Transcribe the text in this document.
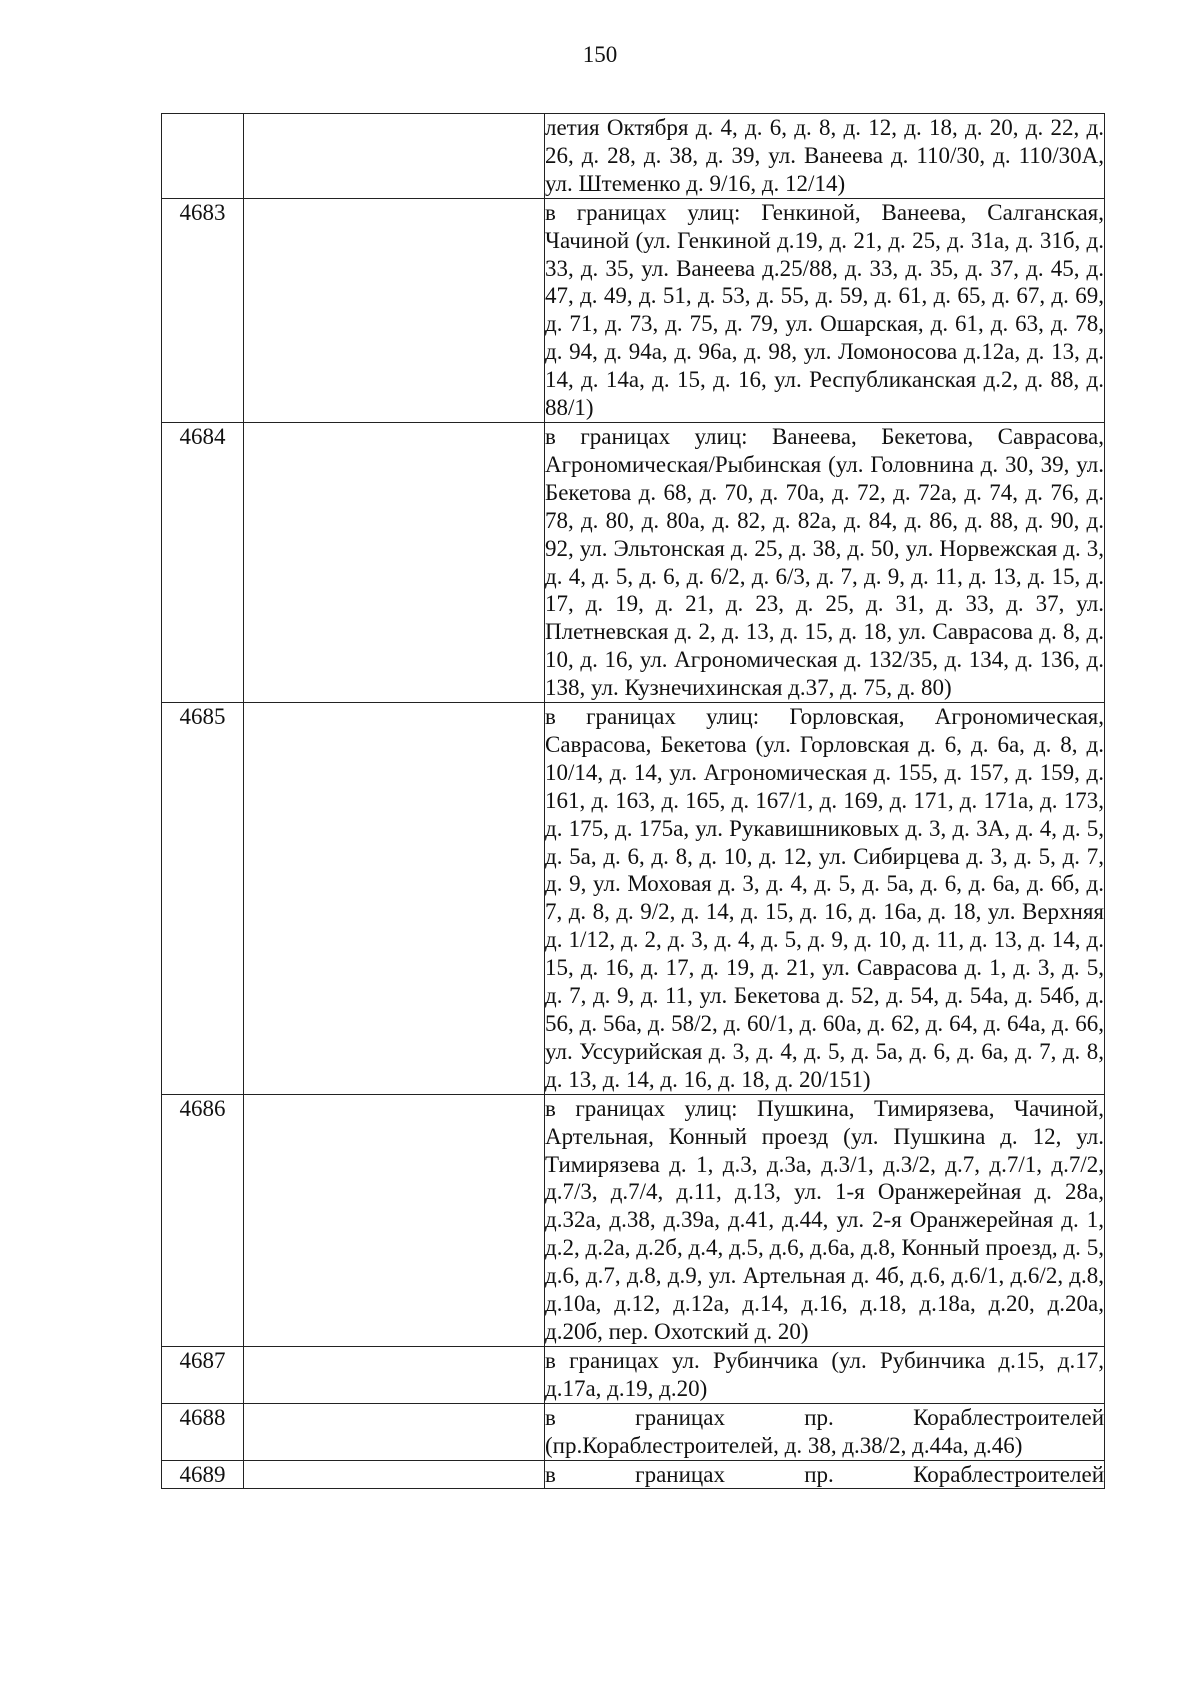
150
		летия Октября д. 4, д. 6, д. 8, д. 12, д. 18, д. 20, д. 22, д. 26, д. 28, д. 38, д. 39, ул. Ванеева д. 110/30, д. 110/30А, ул. Штеменко д. 9/16, д. 12/14)
4683		в границах улиц: Генкиной, Ванеева, Салганская, Чачиной (ул. Генкиной д.19, д. 21, д. 25, д. 31а, д. 31б, д. 33, д. 35, ул. Ванеева д.25/88, д. 33, д. 35, д. 37, д. 45, д. 47, д. 49, д. 51, д. 53, д. 55, д. 59, д. 61, д. 65, д. 67, д. 69, д. 71, д. 73, д. 75, д. 79, ул. Ошарская, д. 61, д. 63, д. 78, д. 94, д. 94а, д. 96а, д. 98, ул. Ломоносова д.12а, д. 13, д. 14, д. 14а, д. 15, д. 16, ул. Республиканская д.2, д. 88, д. 88/1)
4684		в границах улиц: Ванеева, Бекетова, Саврасова, Агрономическая/Рыбинская (ул. Головнина д. 30, 39, ул. Бекетова д. 68, д. 70, д. 70а, д. 72, д. 72а, д. 74, д. 76, д. 78, д. 80, д. 80а, д. 82, д. 82а, д. 84, д. 86, д. 88, д. 90, д. 92, ул. Эльтонская д. 25, д. 38, д. 50, ул. Норвежская д. 3, д. 4, д. 5, д. 6, д. 6/2, д. 6/3, д. 7, д. 9, д. 11, д. 13, д. 15, д. 17, д. 19, д. 21, д. 23, д. 25, д. 31, д. 33, д. 37, ул. Плетневская д. 2, д. 13, д. 15, д. 18, ул. Саврасова д. 8, д. 10, д. 16, ул. Агрономическая д. 132/35, д. 134, д. 136, д. 138, ул. Кузнечихинская д.37, д. 75, д. 80)
4685		в границах улиц: Горловская, Агрономическая, Саврасова, Бекетова (ул. Горловская д. 6, д. 6а, д. 8, д. 10/14, д. 14, ул. Агрономическая д. 155, д. 157, д. 159, д. 161, д. 163, д. 165, д. 167/1, д. 169, д. 171, д. 171а, д. 173, д. 175, д. 175а, ул. Рукавишниковых д. 3, д. 3А, д. 4, д. 5, д. 5а, д. 6, д. 8, д. 10, д. 12, ул. Сибирцева д. 3, д. 5, д. 7, д. 9, ул. Моховая д. 3, д. 4, д. 5, д. 5а, д. 6, д. 6а, д. 6б, д. 7, д. 8, д. 9/2, д. 14, д. 15, д. 16, д. 16а, д. 18, ул. Верхняя д. 1/12, д. 2, д. 3, д. 4, д. 5, д. 9, д. 10, д. 11, д. 13, д. 14, д. 15, д. 16, д. 17, д. 19, д. 21, ул. Саврасова д. 1, д. 3, д. 5, д. 7, д. 9, д. 11, ул. Бекетова д. 52, д. 54, д. 54а, д. 54б, д. 56, д. 56а, д. 58/2, д. 60/1, д. 60а, д. 62, д. 64, д. 64а, д. 66, ул. Уссурийская д. 3, д. 4, д. 5, д. 5а, д. 6, д. 6а, д. 7, д. 8, д. 13, д. 14, д. 16, д. 18, д. 20/151)
4686		в границах улиц: Пушкина, Тимирязева, Чачиной, Артельная, Конный проезд (ул. Пушкина д. 12, ул. Тимирязева д. 1, д.3, д.3а, д.3/1, д.3/2, д.7, д.7/1, д.7/2, д.7/3, д.7/4, д.11, д.13, ул. 1-я Оранжерейная д. 28а, д.32а, д.38, д.39а, д.41, д.44, ул. 2-я Оранжерейная д. 1, д.2, д.2а, д.2б, д.4, д.5, д.6, д.6а, д.8, Конный проезд, д. 5, д.6, д.7, д.8, д.9, ул. Артельная д. 4б, д.6, д.6/1, д.6/2, д.8, д.10а, д.12, д.12а, д.14, д.16, д.18, д.18а, д.20, д.20а, д.20б, пер. Охотский д. 20)
4687		в границах ул. Рубинчика (ул. Рубинчика д.15, д.17, д.17а, д.19, д.20)
4688		в границах пр. Кораблестроителей (пр.Кораблестроителей, д. 38, д.38/2, д.44а, д.46)
4689		в границах пр. Кораблестроителей
